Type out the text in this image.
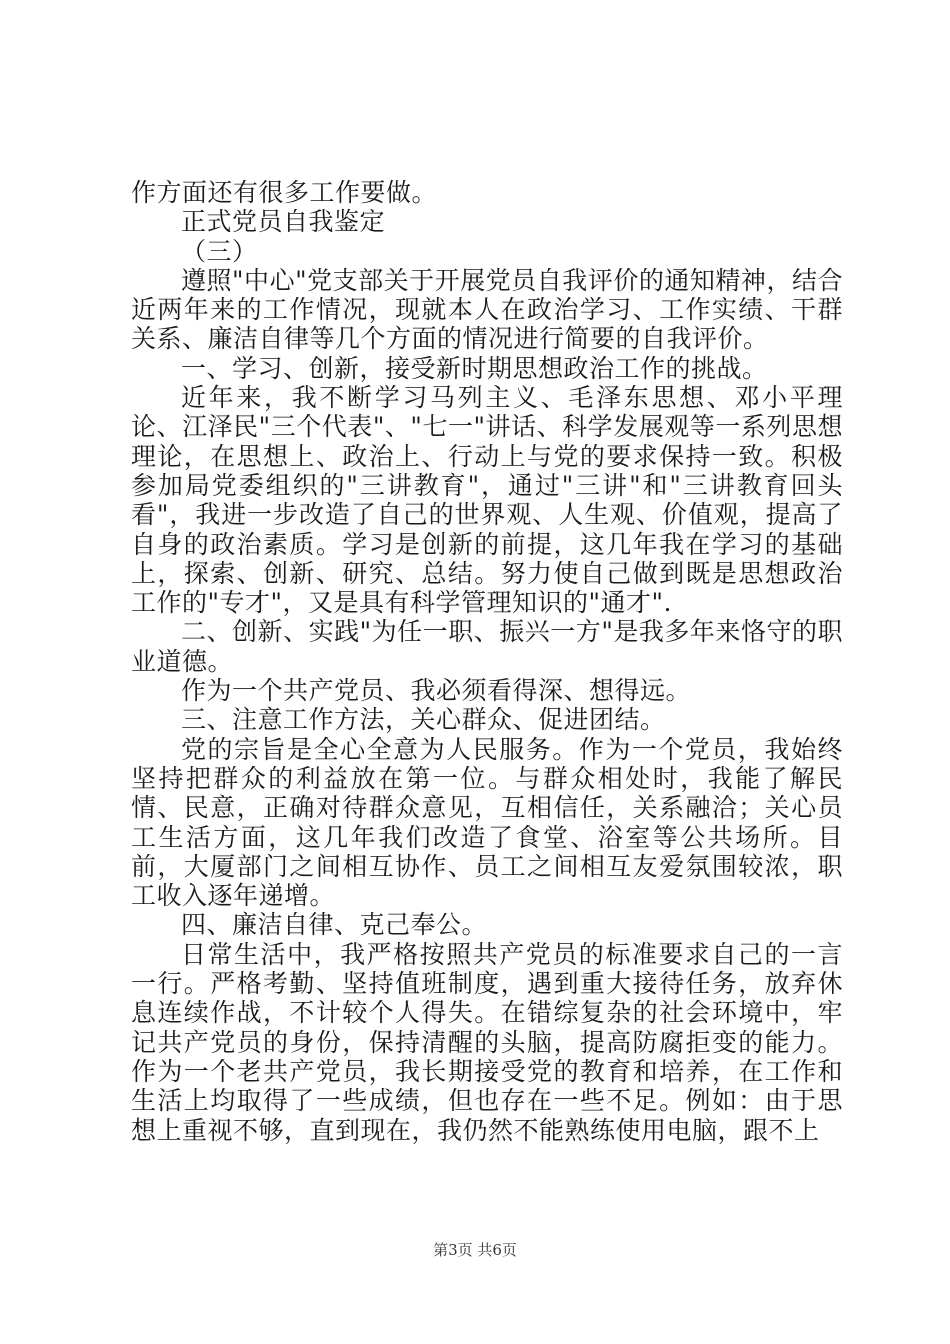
作方面还有很多工作要做。

正式党员自我鉴定

（三）

遵照"中心"党支部关于开展党员自我评价的通知精神，结合近两年来的工作情况，现就本人在政治学习、工作实绩、干群关系、廉洁自律等几个方面的情况进行简要的自我评价。

一、学习、创新，接受新时期思想政治工作的挑战。

近年来，我不断学习马列主义、毛泽东思想、邓小平理论、江泽民"三个代表"、"七一"讲话、科学发展观等一系列思想理论，在思想上、政治上、行动上与党的要求保持一致。积极参加局党委组织的"三讲教育"，通过"三讲"和"三讲教育回头看"，我进一步改造了自己的世界观、人生观、价值观，提高了自身的政治素质。学习是创新的前提，这几年我在学习的基础上，探索、创新、研究、总结。努力使自己做到既是思想政治工作的"专才"，又是具有科学管理知识的"通才".

二、创新、实践"为任一职、振兴一方"是我多年来恪守的职业道德。

作为一个共产党员、我必须看得深、想得远。

三、注意工作方法，关心群众、促进团结。

党的宗旨是全心全意为人民服务。作为一个党员，我始终坚持把群众的利益放在第一位。与群众相处时，我能了解民情、民意，正确对待群众意见，互相信任，关系融洽；关心员工生活方面，这几年我们改造了食堂、浴室等公共场所。目前，大厦部门之间相互协作、员工之间相互友爱氛围较浓，职工收入逐年递增。

四、廉洁自律、克己奉公。

日常生活中，我严格按照共产党员的标准要求自己的一言一行。严格考勤、坚持值班制度，遇到重大接待任务，放弃休息连续作战，不计较个人得失。在错综复杂的社会环境中，牢记共产党员的身份，保持清醒的头脑，提高防腐拒变的能力。作为一个老共产党员，我长期接受党的教育和培养，在工作和生活上均取得了一些成绩，但也存在一些不足。例如：由于思想上重视不够，直到现在，我仍然不能熟练使用电脑，跟不上

第3页 共6页
